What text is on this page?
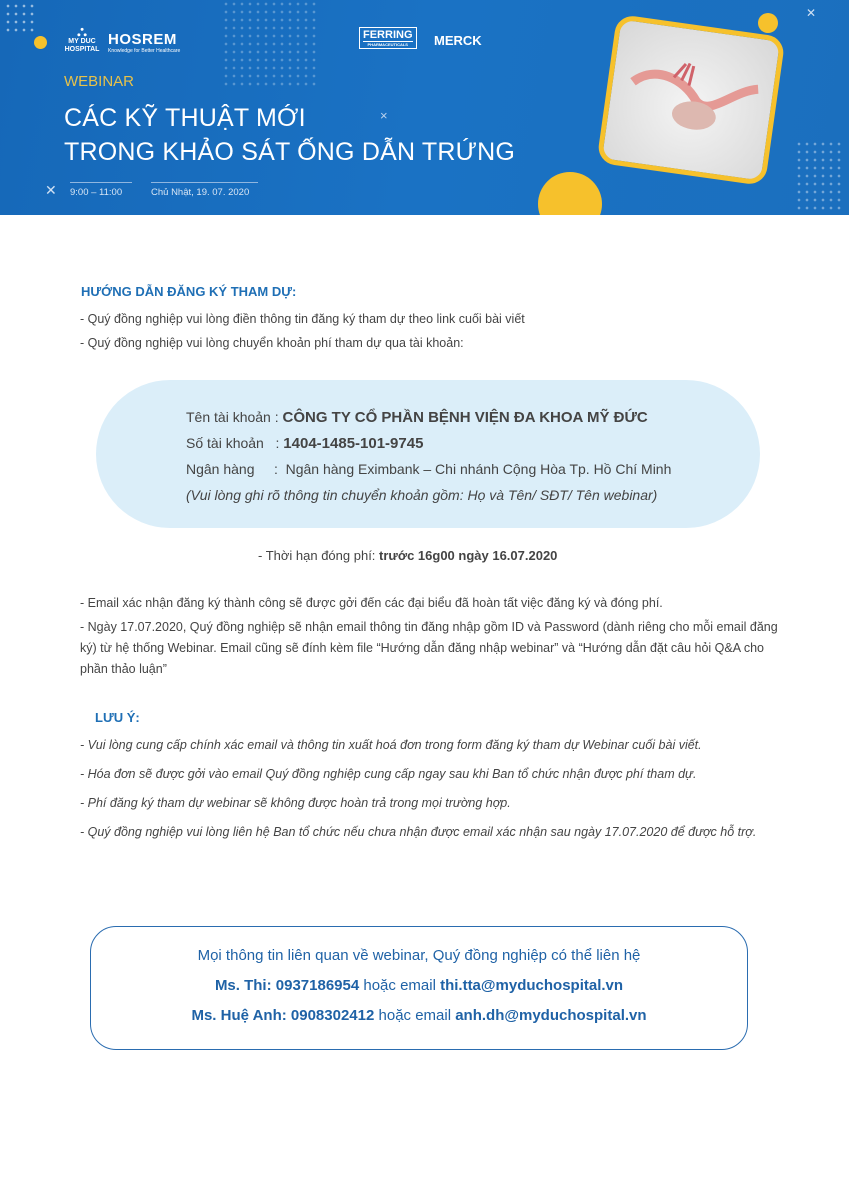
⛬
MY DUC HOSPITAL
HOSREM
Knowledge for Better Healthcare
FERRING
PHARMACEUTICALS	MERCK
WEBINAR
CÁC KỸ THUẬT MỚI
TRONG KHẢO SÁT ỐNG DẪN TRỨNG
×
✕ 9:00 – 11:00	Chủ Nhật, 19. 07. 2020
✕
HƯỚNG DẪN ĐĂNG KÝ THAM DỰ:
- Quý đồng nghiệp vui lòng điền thông tin đăng ký tham dự theo link cuối bài viết
- Quý đồng nghiệp vui lòng chuyển khoản phí tham dự qua tài khoản:
Tên tài khoản : CÔNG TY CỔ PHẦN BỆNH VIỆN ĐA KHOA MỸ ĐỨC
Số tài khoản   : 1404-1485-101-9745
Ngân hàng     : Ngân hàng Eximbank – Chi nhánh Cộng Hòa Tp. Hồ Chí Minh
(Vui lòng ghi rõ thông tin chuyển khoản gồm: Họ và Tên/ SĐT/ Tên webinar)
- Thời hạn đóng phí: trước 16g00 ngày 16.07.2020
- Email xác nhận đăng ký thành công sẽ được gởi đến các đại biểu đã hoàn tất việc đăng ký và đóng phí.
- Ngày 17.07.2020, Quý đồng nghiệp sẽ nhận email thông tin đăng nhập gồm ID và Password (dành riêng cho mỗi email đăng ký) từ hệ thống Webinar. Email cũng sẽ đính kèm file “Hướng dẫn đăng nhập webinar” và “Hướng dẫn đặt câu hỏi Q&A cho phần thảo luận”
LƯU Ý:
- Vui lòng cung cấp chính xác email và thông tin xuất hoá đơn trong form đăng ký tham dự Webinar cuối bài viết.
- Hóa đơn sẽ được gởi vào email Quý đồng nghiệp cung cấp ngay sau khi Ban tổ chức nhận được phí tham dự.
- Phí đăng ký tham dự webinar sẽ không được hoàn trả trong mọi trường hợp.
- Quý đồng nghiệp vui lòng liên hệ Ban tổ chức nếu chưa nhận được email xác nhận sau ngày 17.07.2020 để được hỗ trợ.
Mọi thông tin liên quan về webinar, Quý đồng nghiệp có thể liên hệ
Ms. Thi: 0937186954 hoặc email thi.tta@myduchospital.vn
Ms. Huệ Anh: 0908302412 hoặc email anh.dh@myduchospital.vn
